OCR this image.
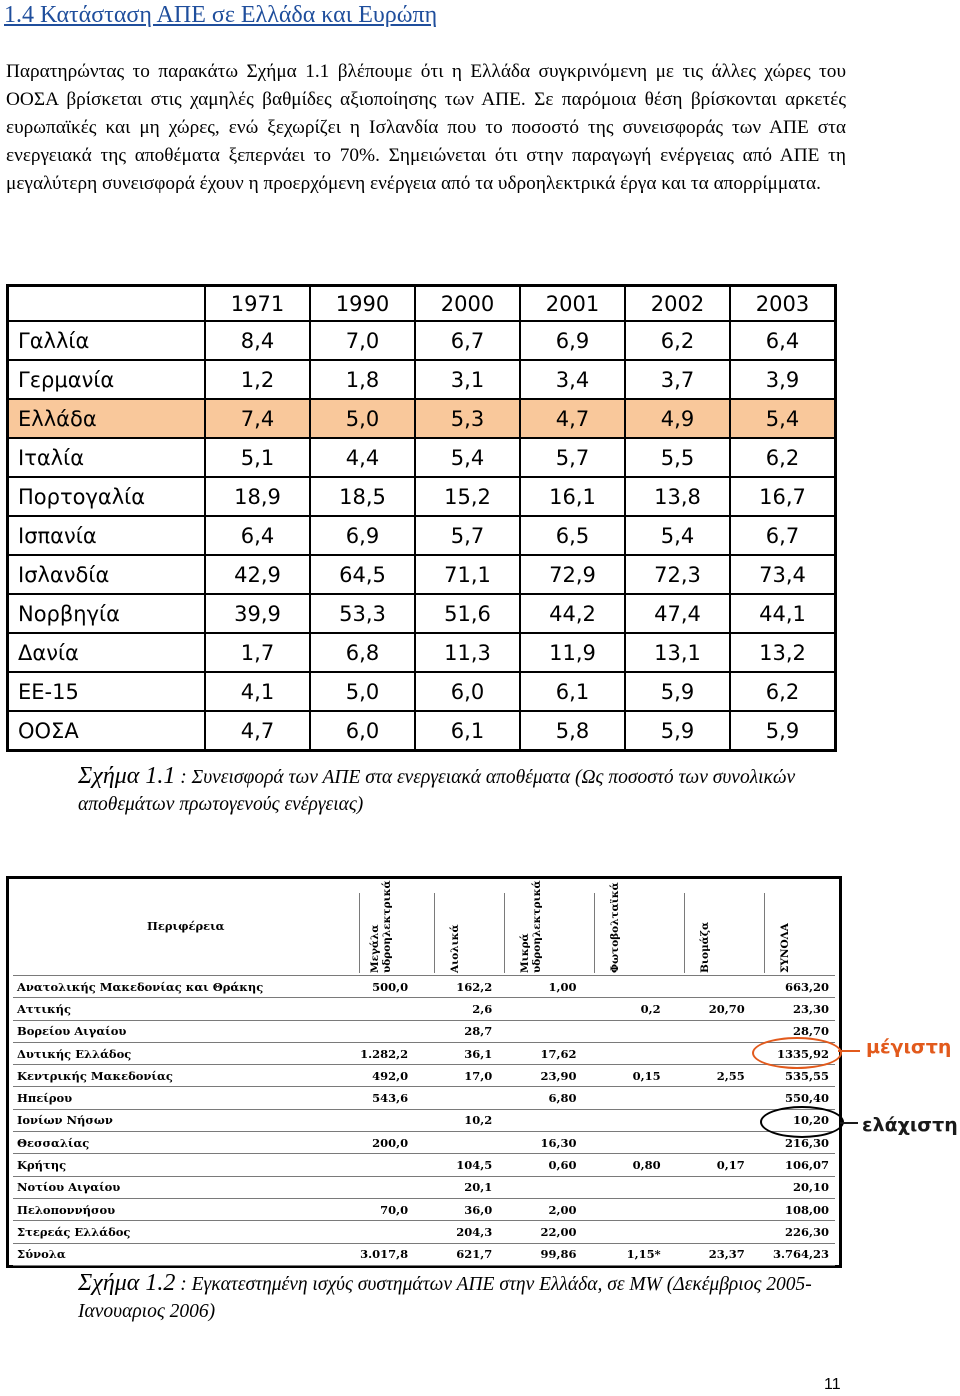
1.4 Κατάσταση ΑΠΕ σε Ελλάδα και Ευρώπη

Παρατηρώντας το παρακάτω Σχήμα 1.1 βλέπουμε ότι η Ελλάδα συγκρινόμενη με τις άλλες χώρες του ΟΟΣΑ βρίσκεται στις χαμηλές βαθμίδες αξιοποίησης των ΑΠΕ. Σε παρόμοια θέση βρίσκονται αρκετές ευρωπαϊκές και μη χώρες, ενώ ξεχωρίζει η Ισλανδία που το ποσοστό της συνεισφοράς των ΑΠΕ στα ενεργειακά της αποθέματα ξεπερνάει το 70%. Σημειώνεται ότι στην παραγωγή ενέργειας από ΑΠΕ τη μεγαλύτερη συνεισφορά έχουν η προερχόμενη ενέργεια από τα υδροηλεκτρικά έργα και τα απορρίμματα.

	1971	1990	2000	2001	2002	2003
Γαλλία	8,4	7,0	6,7	6,9	6,2	6,4
Γερμανία	1,2	1,8	3,1	3,4	3,7	3,9
Ελλάδα	7,4	5,0	5,3	4,7	4,9	5,4
Ιταλία	5,1	4,4	5,4	5,7	5,5	6,2
Πορτογαλία	18,9	18,5	15,2	16,1	13,8	16,7
Ισπανία	6,4	6,9	5,7	6,5	5,4	6,7
Ισλανδία	42,9	64,5	71,1	72,9	72,3	73,4
Νορβηγία	39,9	53,3	51,6	44,2	47,4	44,1
Δανία	1,7	6,8	11,3	11,9	13,1	13,2
ΕΕ-15	4,1	5,0	6,0	6,1	5,9	6,2
ΟΟΣΑ	4,7	6,0	6,1	5,8	5,9	5,9

Σχήμα 1.1 : Συνεισφορά των ΑΠΕ στα ενεργειακά αποθέματα (Ως ποσοστό των συνολικών αποθεμάτων πρωτογενούς ενέργειας)

Περιφέρεια	Μεγάλα υδροηλεκτρικά	Αιολικά	Μικρά υδροηλεκτρικά	Φωτοβολταϊκά	Βιομάζα	ΣΥΝΟΛΑ
Ανατολικής Μακεδονίας και Θράκης	500,0	162,2	1,00			663,20
Αττικής		2,6		0,2	20,70	23,30
Βορείου Αιγαίου		28,7				28,70
Δυτικής Ελλάδος	1.282,2	36,1	17,62			1335,92
Κεντρικής Μακεδονίας	492,0	17,0	23,90	0,15	2,55	535,55
Ηπείρου	543,6		6,80			550,40
Ιονίων Νήσων		10,2				10,20
Θεσσαλίας	200,0		16,30			216,30
Κρήτης		104,5	0,60	0,80	0,17	106,07
Νοτίου Αιγαίου		20,1				20,10
Πελοποννήσου	70,0	36,0	2,00			108,00
Στερεάς Ελλάδος		204,3	22,00			226,30
Σύνολα	3.017,8	621,7	99,86	1,15*	23,37	3.764,23
μέγιστη
ελάχιστη

Σχήμα 1.2 : Εγκατεστημένη ισχύς συστημάτων ΑΠΕ στην Ελλάδα, σε MW (Δεκέμβριος 2005-Ιανουαριος 2006)

11
